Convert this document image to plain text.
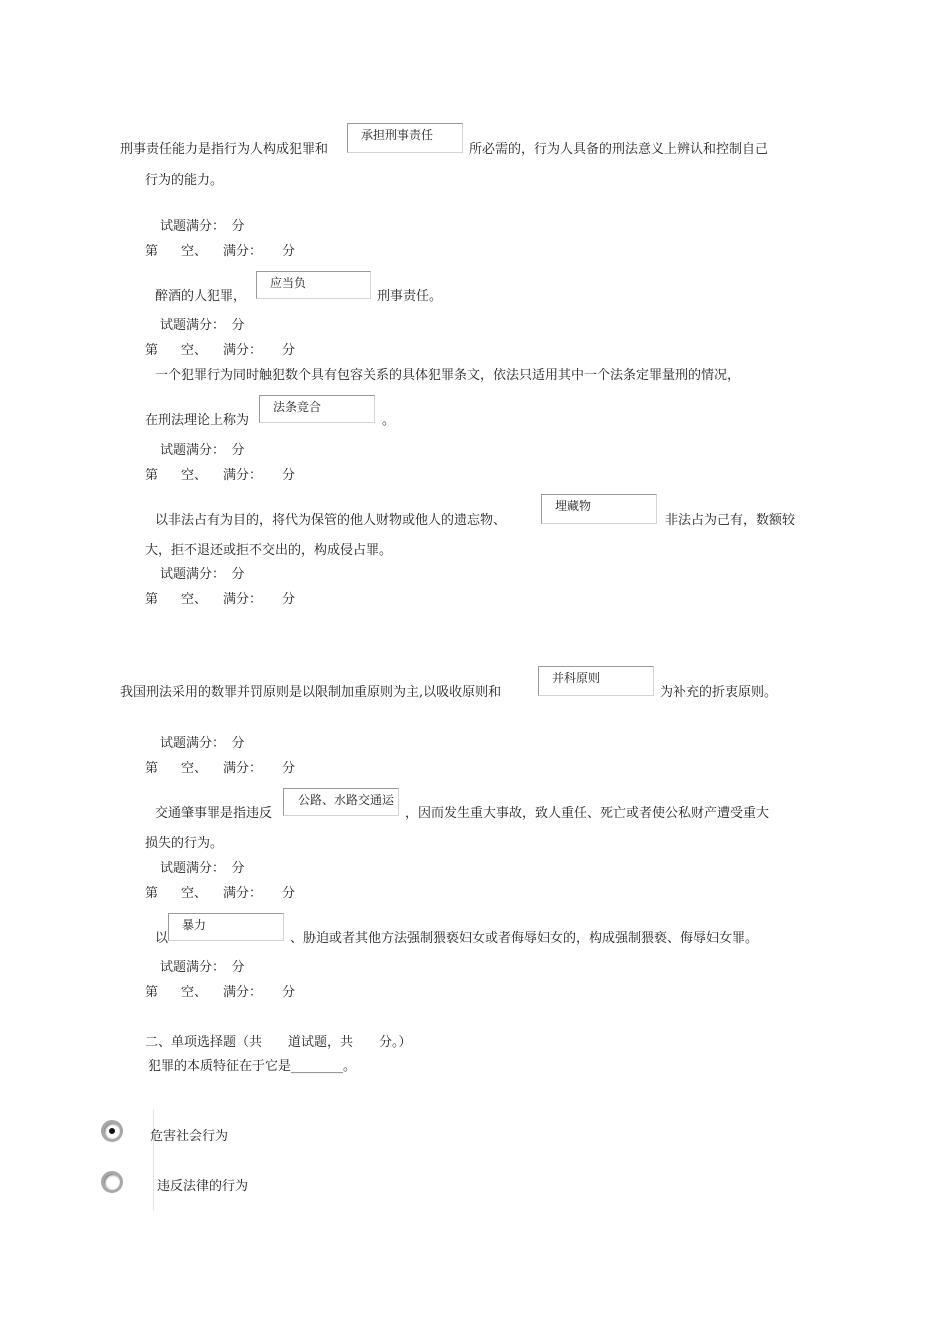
刑事责任能力是指行为人构成犯罪和
承担刑事责任
所必需的，行为人具备的刑法意义上辨认和控制自己
行为的能力。
试题满分：　分
第 空、 满分： 分
醉酒的人犯罪，
应当负
刑事责任。
试题满分：　分
第 空、 满分： 分
一个犯罪行为同时触犯数个具有包容关系的具体犯罪条文，依法只适用其中一个法条定罪量刑的情况，
在刑法理论上称为
法条竞合
。
试题满分：　分
第 空、 满分： 分
以非法占有为目的，将代为保管的他人财物或他人的遗忘物、
埋藏物
非法占为己有，数额较
大，拒不退还或拒不交出的，构成侵占罪。
试题满分：　分
第 空、 满分： 分
我国刑法采用的数罪并罚原则是以限制加重原则为主,以吸收原则和
并科原则
为补充的折衷原则。
试题满分：　分
第 空、 满分： 分
交通肇事罪是指违反
公路、水路交通运
，因而发生重大事故，致人重任、死亡或者使公私财产遭受重大
损失的行为。
试题满分：　分
第 空、 满分： 分
以
暴力
、胁迫或者其他方法强制猥亵妇女或者侮辱妇女的，构成强制猥亵、侮辱妇女罪。
试题满分：　分
第 空、 满分： 分
二、单项选择题（共　　道试题，共　　分。）
犯罪的本质特征在于它是________。
危害社会行为
违反法律的行为
